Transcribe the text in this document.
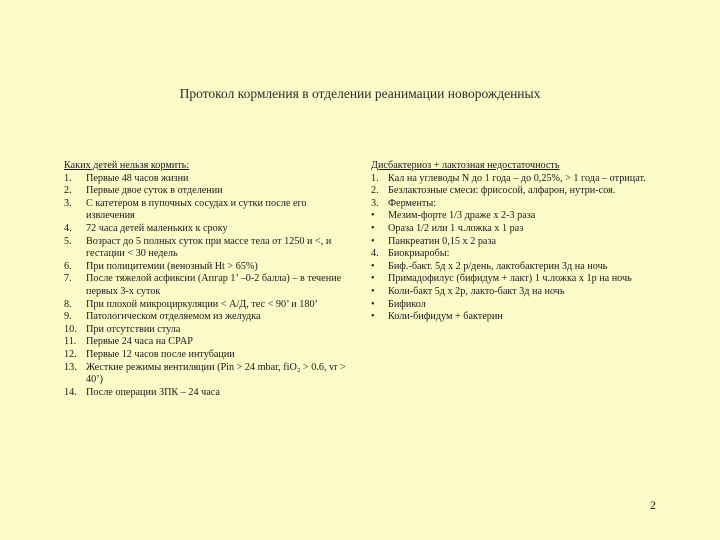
Протокол кормления в отделении реанимации новорожденных
Каких детей нельзя кормить:
1.	Первые 48 часов жизни
2.	Первые двое суток в отделении
3.	С катетером в пупочных сосудах и сутки после его извлечения
4.	72 часа детей маленьких к сроку
5.	Возраст до 5 полных суток при массе тела от 1250 и <, и гестации < 30 недель
6.	При полицитемии (венозный Ht > 65%)
7.	После тяжелой асфиксии (Апгар 1’ –0-2 балла) – в течение первых 3-х суток
8.	При плохой микроциркуляции < А/Д, тес < 90’ и 180’
9.	Патологическом отделяемом из желудка
10. При отсутствии стула
11. Первые 24 часа на CPAP
12. Первые 12 часов после интубации
13. Жесткие режимы вентиляции (Pin > 24 mbar, fiO₂ > 0.6, vr > 40’)
14. После операции ЗПК – 24 часа
Дисбактериоз + лактозная недостаточность
1. Кал на углеводы N до 1 года – до 0,25%, > 1 года – отрицат.
2. Безлактозные смеси: фрисосой, алфарон, нутри-соя.
3. Ферменты:
•	Мезим-форте 1/3 драже х 2-3 раза
•	Ораза 1/2 или 1 ч.ложка х 1 раз
•	Панкреатин 0,15 х 2 раза
4. Биокриаробы:
•	Биф.-бакт. 5д х 2 р/день, лактобактерин 3д на ночь
•	Примадофилус (бифидум + лакт) 1 ч.ложка х 1р на ночь
•	Коли-бакт 5д х 2р, лакто-бакт 3д на ночь
•	Бификол
•	Коли-бифидум + бактерин
2
